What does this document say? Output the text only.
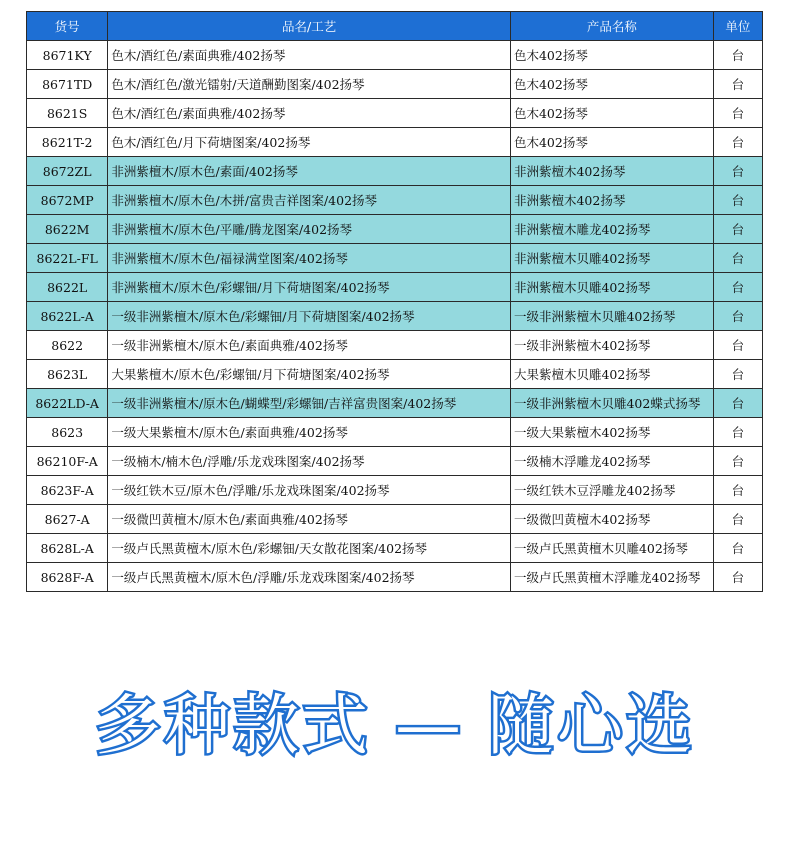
货号	品名/工艺	产品名称	单位
8671KY	色木/酒红色/素面典雅/402扬琴	色木402扬琴	台
8671TD	色木/酒红色/激光镭射/天道酬勤图案/402扬琴	色木402扬琴	台
8621S	色木/酒红色/素面典雅/402扬琴	色木402扬琴	台
8621T-2	色木/酒红色/月下荷塘图案/402扬琴	色木402扬琴	台
8672ZL	非洲紫檀木/原木色/素面/402扬琴	非洲紫檀木402扬琴	台
8672MP	非洲紫檀木/原木色/木拼/富贵吉祥图案/402扬琴	非洲紫檀木402扬琴	台
8622M	非洲紫檀木/原木色/平雕/腾龙图案/402扬琴	非洲紫檀木雕龙402扬琴	台
8622L-FL	非洲紫檀木/原木色/福禄满堂图案/402扬琴	非洲紫檀木贝雕402扬琴	台
8622L	非洲紫檀木/原木色/彩螺钿/月下荷塘图案/402扬琴	非洲紫檀木贝雕402扬琴	台
8622L-A	一级非洲紫檀木/原木色/彩螺钿/月下荷塘图案/402扬琴	一级非洲紫檀木贝雕402扬琴	台
8622	一级非洲紫檀木/原木色/素面典雅/402扬琴	一级非洲紫檀木402扬琴	台
8623L	大果紫檀木/原木色/彩螺钿/月下荷塘图案/402扬琴	大果紫檀木贝雕402扬琴	台
8622LD-A	一级非洲紫檀木/原木色/蝴蝶型/彩螺钿/吉祥富贵图案/402扬琴	一级非洲紫檀木贝雕402蝶式扬琴	台
8623	一级大果紫檀木/原木色/素面典雅/402扬琴	一级大果紫檀木402扬琴	台
86210F-A	一级楠木/楠木色/浮雕/乐龙戏珠图案/402扬琴	一级楠木浮雕龙402扬琴	台
8623F-A	一级红铁木豆/原木色/浮雕/乐龙戏珠图案/402扬琴	一级红铁木豆浮雕龙402扬琴	台
8627-A	一级微凹黄檀木/原木色/素面典雅/402扬琴	一级微凹黄檀木402扬琴	台
8628L-A	一级卢氏黑黄檀木/原木色/彩螺钿/天女散花图案/402扬琴	一级卢氏黑黄檀木贝雕402扬琴	台
8628F-A	一级卢氏黑黄檀木/原木色/浮雕/乐龙戏珠图案/402扬琴	一级卢氏黑黄檀木浮雕龙402扬琴	台
多种款式 — 随心选
